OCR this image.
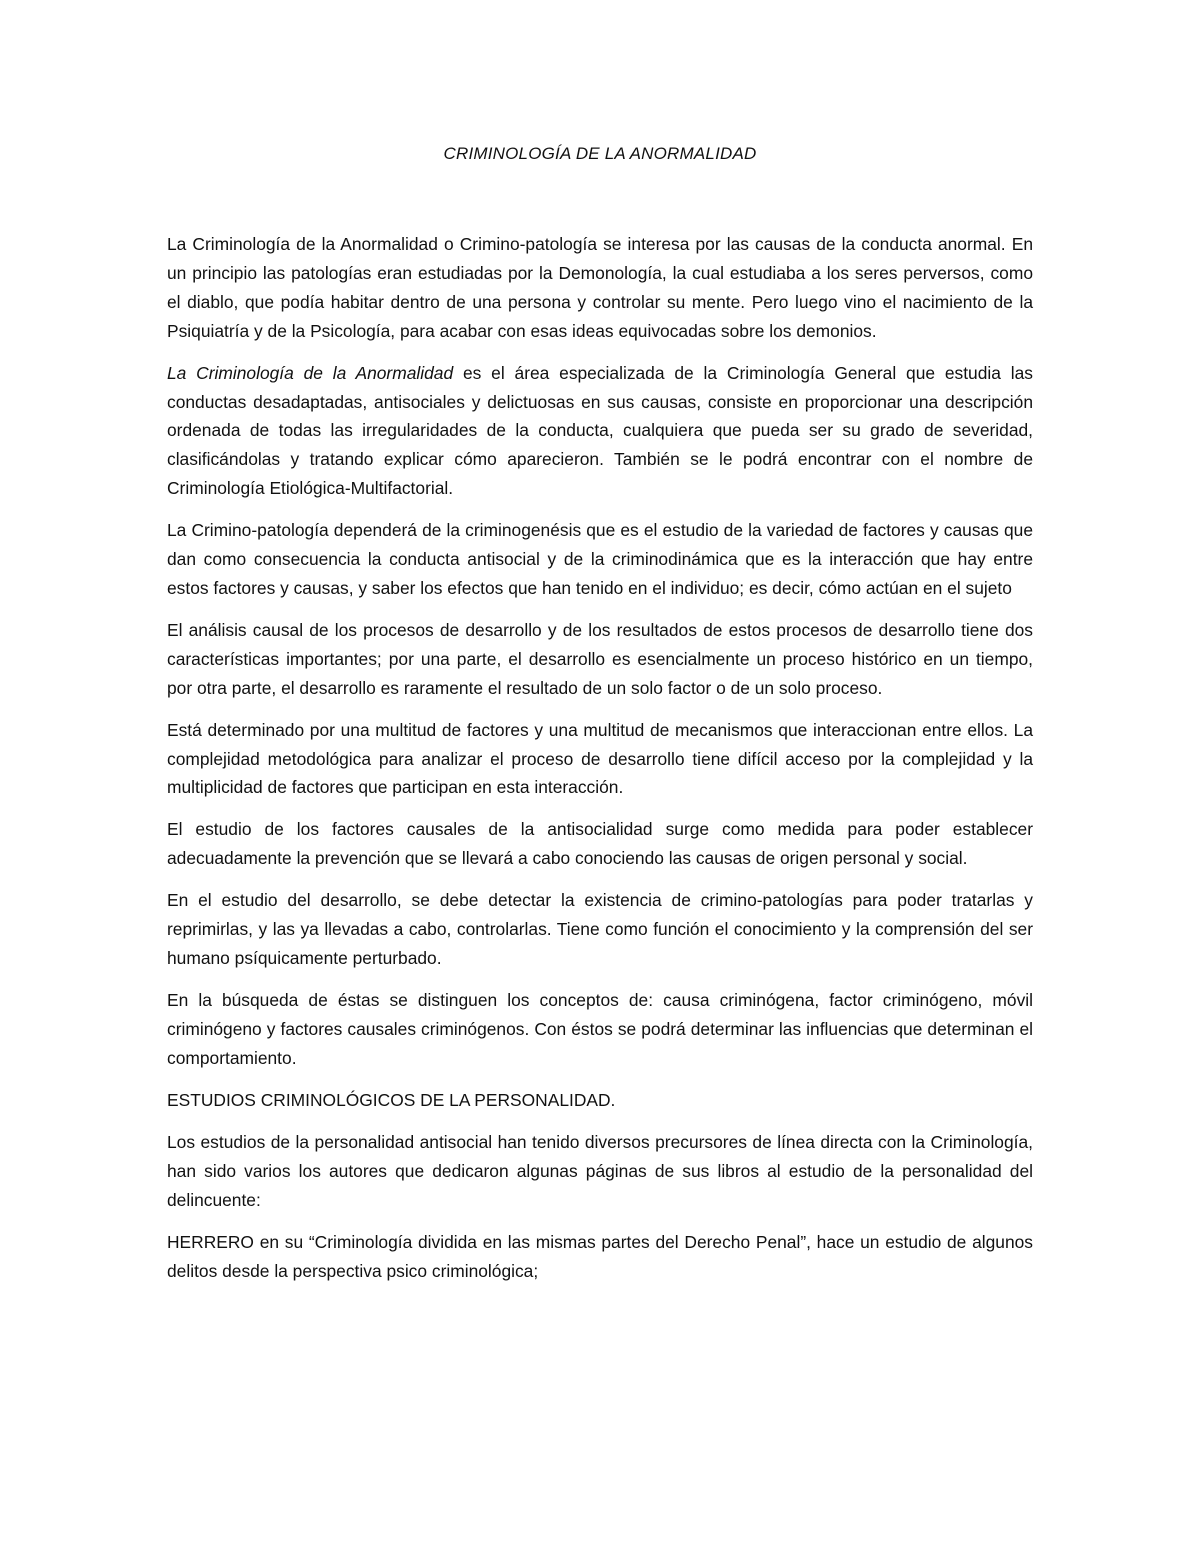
CRIMINOLOGÍA DE LA ANORMALIDAD

La Criminología de la Anormalidad o Crimino-patología se interesa por las causas de la conducta anormal. En un principio las patologías eran estudiadas por la Demonología, la cual estudiaba a los seres perversos, como el diablo, que podía habitar dentro de una persona y controlar su mente. Pero luego vino el nacimiento de la Psiquiatría y de la Psicología, para acabar con esas ideas equivocadas sobre los demonios.

La Criminología de la Anormalidad es el área especializada de la Criminología General que estudia las conductas desadaptadas, antisociales y delictuosas en sus causas, consiste en proporcionar una descripción ordenada de todas las irregularidades de la conducta, cualquiera que pueda ser su grado de severidad, clasificándolas y tratando explicar cómo aparecieron. También se le podrá encontrar con el nombre de Criminología Etiológica-Multifactorial.

La Crimino-patología dependerá de la criminogenésis que es el estudio de la variedad de factores y causas que dan como consecuencia la conducta antisocial y de la criminodinámica que es la interacción que hay entre estos factores y causas, y saber los efectos que han tenido en el individuo; es decir, cómo actúan en el sujeto

El análisis causal de los procesos de desarrollo y de los resultados de estos procesos de desarrollo tiene dos características importantes; por una parte, el desarrollo es esencialmente un proceso histórico en un tiempo, por otra parte, el desarrollo es raramente el resultado de un solo factor o de un solo proceso.

Está determinado por una multitud de factores y una multitud de mecanismos que interaccionan entre ellos. La complejidad metodológica para analizar el proceso de desarrollo tiene difícil acceso por la complejidad y la multiplicidad de factores que participan en esta interacción.

El estudio de los factores causales de la antisocialidad surge como medida para poder establecer adecuadamente la prevención que se llevará a cabo conociendo las causas de origen personal y social.

En el estudio del desarrollo, se debe detectar la existencia de crimino-patologías para poder tratarlas y reprimirlas, y las ya llevadas a cabo, controlarlas. Tiene como función el conocimiento y la comprensión del ser humano psíquicamente perturbado.

En la búsqueda de éstas se distinguen los conceptos de: causa criminógena, factor criminógeno, móvil criminógeno y factores causales criminógenos. Con éstos se podrá determinar las influencias que determinan el comportamiento.

ESTUDIOS CRIMINOLÓGICOS DE LA PERSONALIDAD.

Los estudios de la personalidad antisocial han tenido diversos precursores de línea directa con la Criminología, han sido varios los autores que dedicaron algunas páginas de sus libros al estudio de la personalidad del delincuente:

HERRERO en su “Criminología dividida en las mismas partes del Derecho Penal”, hace un estudio de algunos delitos desde la perspectiva psico criminológica;
